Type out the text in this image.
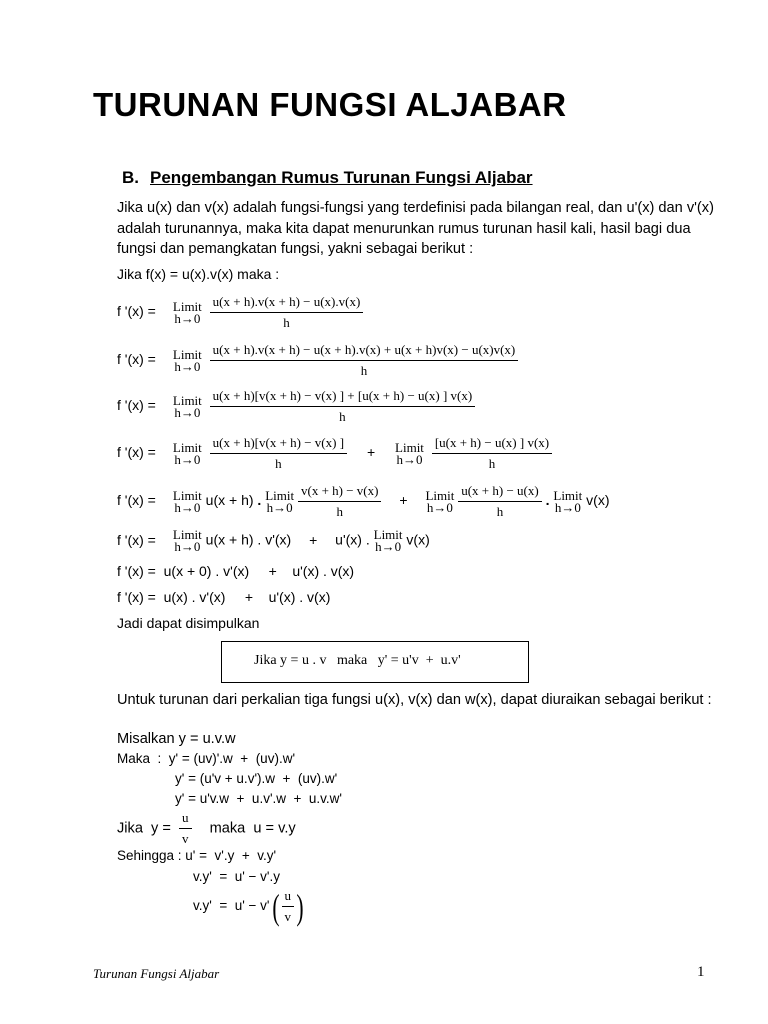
TURUNAN FUNGSI ALJABAR
B. Pengembangan Rumus Turunan Fungsi Aljabar
Jika u(x) dan v(x) adalah fungsi-fungsi yang terdefinisi pada bilangan real, dan u'(x) dan v'(x) adalah turunannya, maka kita dapat menurunkan rumus turunan hasil kali, hasil bagi dua fungsi dan pemangkatan fungsi, yakni sebagai berikut :
Jika f(x) = u(x).v(x) maka :
f '(x) = Limit
h→0
$\frac{u(x + h).v(x + h) - u(x).v(x)}{h}$
f '(x) = Limit
h→0
$\frac{u(x + h).v(x + h) - u(x + h).v(x) + u(x + h)v(x) - u(x)v(x)}{h}$
f '(x) = Limit
h→0
$\frac{u(x + h)[v(x + h) - v(x) ] + [u(x + h) - u(x) ] v(x)}{h}$
f '(x) = Limit
h→0
$\frac{u(x + h)[v(x + h) - v(x) ]}{h}$ + Limit
h→0
$\frac{[u(x + h) - u(x) ] v(x)}{h}$
f '(x) = Limit
h→0 u(x + h) . Limit
h→0
$\frac{v(x + h) - v(x)}{h}$ + Limit
h→0
$\frac{u(x + h) - u(x)}{h}$ . Limit
h→0 v(x)
f '(x) = Limit
h→0 u(x + h) . v'(x) + u'(x) . Limit
h→0 v(x)
f '(x) =  u(x + 0) . v'(x)     +    u'(x) . v(x)
f '(x) =  u(x) . v'(x)     +    u'(x) . v(x)
Jadi dapat disimpulkan
Jika y = u . v   maka   y' = u'v  +  u.v'
Untuk turunan dari perkalian tiga fungsi u(x), v(x) dan w(x), dapat diuraikan sebagai berikut :
Misalkan y = u.v.w
Maka  :  y' = (uv)'.w  +  (uv).w'
y' = (u'v + u.v').w  +  (uv).w'
y' = u'v.w  +  u.v'.w  +  u.v.w'
Jika  $y = \frac{u}{v}$ maka  u = v.y
Sehingga : u' =  v'.y  +  v.y'
v.y'  =  u' − v'.y
$v.y' = u' - v'( \frac{u}{v}$ )
Turunan Fungsi Aljabar	1
